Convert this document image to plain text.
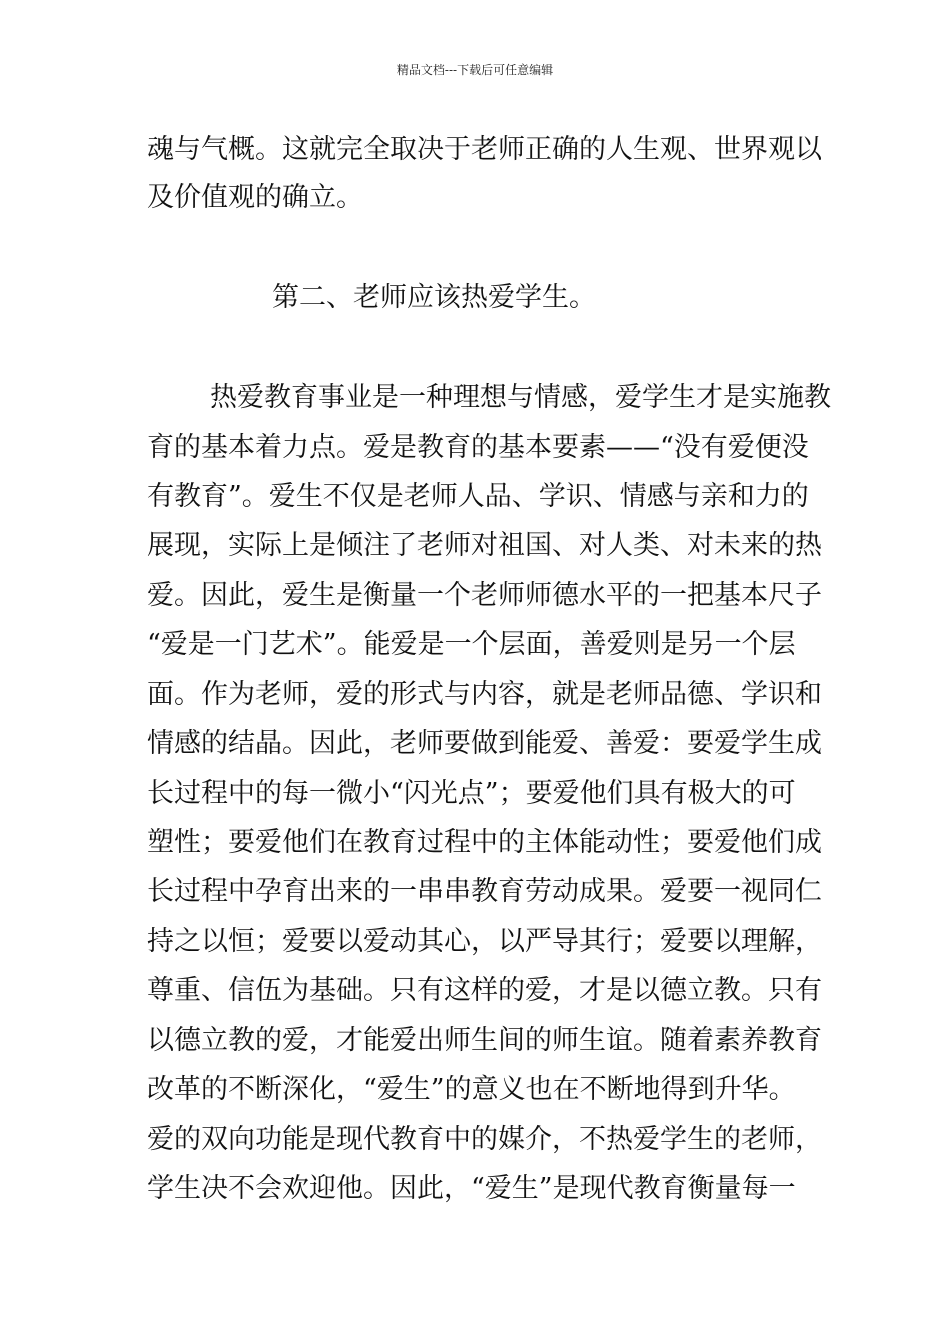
精品文档---下载后可任意编辑
魂与气概。这就完全取决于老师正确的人生观、世界观以
及价值观的确立。
第二、老师应该热爱学生。
热爱教育事业是一种理想与情感，爱学生才是实施教
育的基本着力点。爱是教育的基本要素——“没有爱便没
有教育”。爱生不仅是老师人品、学识、情感与亲和力的
展现，实际上是倾注了老师对祖国、对人类、对未来的热
爱。因此，爱生是衡量一个老师师德水平的一把基本尺子
“爱是一门艺术”。能爱是一个层面，善爱则是另一个层
面。作为老师，爱的形式与内容，就是老师品德、学识和
情感的结晶。因此，老师要做到能爱、善爱：要爱学生成
长过程中的每一微小“闪光点”；要爱他们具有极大的可
塑性；要爱他们在教育过程中的主体能动性；要爱他们成
长过程中孕育出来的一串串教育劳动成果。爱要一视同仁
持之以恒；爱要以爱动其心，以严导其行；爱要以理解，
尊重、信伍为基础。只有这样的爱，才是以德立教。只有
以德立教的爱，才能爱出师生间的师生谊。随着素养教育
改革的不断深化，“爱生”的意义也在不断地得到升华。
爱的双向功能是现代教育中的媒介，不热爱学生的老师，
学生决不会欢迎他。因此，“爱生”是现代教育衡量每一
